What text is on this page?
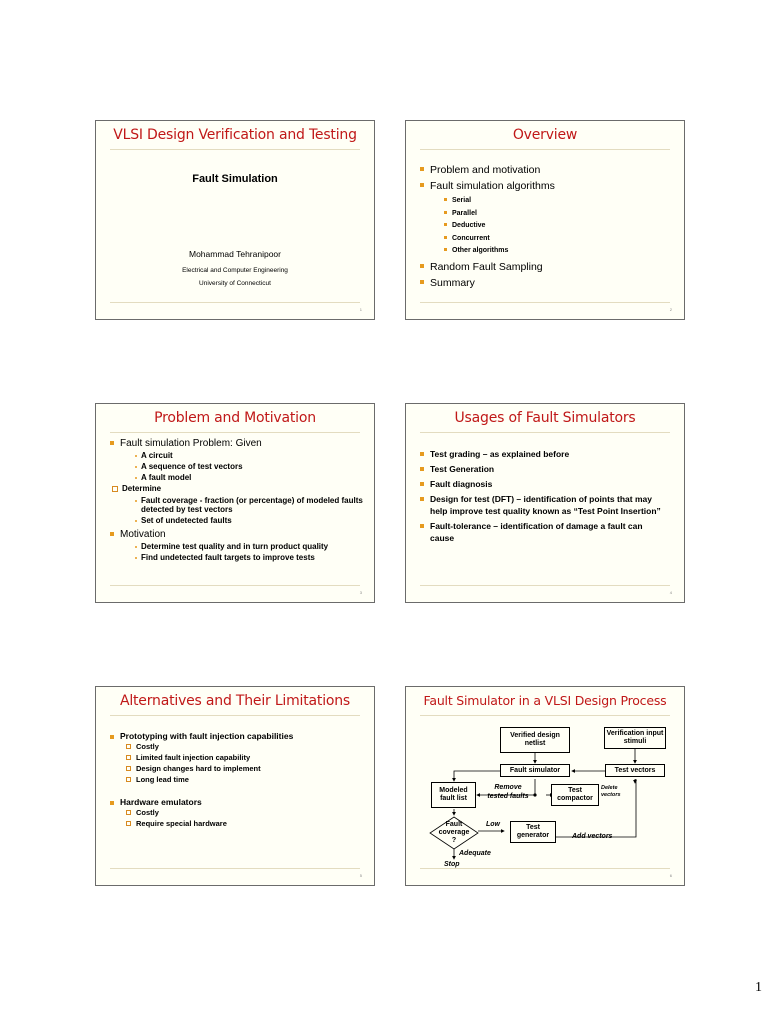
VLSI Design Verification and Testing
Fault Simulation
Mohammad Tehranipoor
Electrical and Computer Engineering
University of Connecticut
1
Overview
Problem and motivation
Fault simulation algorithms
Serial
Parallel
Deductive
Concurrent
Other algorithms
Random Fault Sampling
Summary
2
Problem and Motivation
Fault simulation Problem: Given
A circuit
A sequence of test vectors
A fault model
Determine
Fault coverage - fraction (or percentage) of modeled faults detected by test vectors
Set of undetected faults
Motivation
Determine test quality and in turn product quality
Find undetected fault targets to improve tests
3
Usages of Fault Simulators
Test grading – as explained before
Test Generation
Fault diagnosis
Design for test (DFT) – identification of points that may help improve test quality known as “Test Point Insertion”
Fault-tolerance – identification of damage a fault can cause
4
Alternatives and Their Limitations
Prototyping with fault injection capabilities
Costly
Limited fault injection capability
Design changes hard to implement
Long lead time
Hardware emulators
Costly
Require special hardware
5
Fault Simulator in a VLSI Design Process
Verified design netlist
Verification input stimuli
Fault simulator	Test vectors
Modeled fault list
Remove tested faults
Test compactor
Delete vectors
Fault coverage ?
Low	Test generator	Add vectors
Adequate
Stop
6
1
